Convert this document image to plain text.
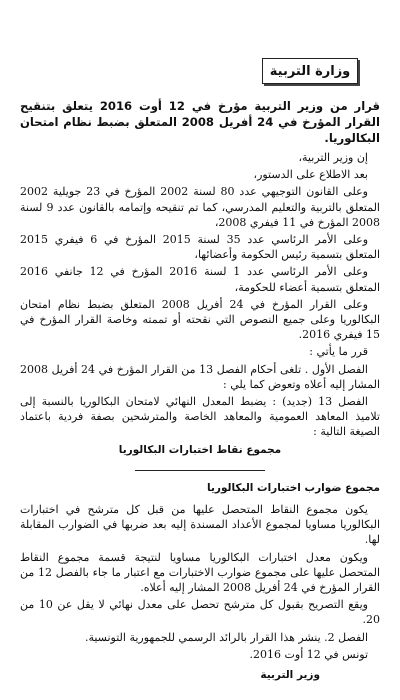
وزارة التربية
قرار من وزير التربية مؤرخ في 12 أوت 2016 يتعلق بتنقيح القرار المؤرخ في 24 أفريل 2008 المتعلق بضبط نظام امتحان البكالوريا.

إن وزير التربية،

بعد الاطلاع على الدستور،

وعلى القانون التوجيهي عدد 80 لسنة 2002 المؤرخ في 23 جويلية 2002 المتعلق بالتربية والتعليم المدرسي، كما تم تنقيحه وإتمامه بالقانون عدد 9 لسنة 2008 المؤرخ في 11 فيفري 2008،

وعلى الأمر الرئاسي عدد 35 لسنة 2015 المؤرخ في 6 فيفري 2015 المتعلق بتسمية رئيس الحكومة وأعضائها،

وعلى الأمر الرئاسي عدد 1 لسنة 2016 المؤرخ في 12 جانفي 2016 المتعلق بتسمية أعضاء للحكومة،

وعلى القرار المؤرخ في 24 أفريل 2008 المتعلق بضبط نظام امتحان البكالوريا وعلى جميع النصوص التي نقحته أو تممته وخاصة القرار المؤرخ في 15 فيفري 2016.

قرر ما يأتي :

الفصل الأول . تلغى أحكام الفصل 13 من القرار المؤرخ في 24 أفريل 2008 المشار إليه أعلاه وتعوض كما يلي :

الفصل 13 (جديد) : يضبط المعدل النهائي لامتحان البكالوريا بالنسبة إلى تلاميذ المعاهد العمومية والمعاهد الخاصة والمترشحين بصفة فردية باعتماد الصيغة التالية :

مجموع نقاط اختبارات البكالوريا
مجموع ضوارب اختبارات البكالوريا

يكون مجموع النقاط المتحصل عليها من قبل كل مترشح في اختبارات البكالوريا مساويا لمجموع الأعداد المسندة إليه بعد ضربها في الضوارب المقابلة لها.

ويكون معدل اختبارات البكالوريا مساويا لنتيجة قسمة مجموع النقاط المتحصل عليها على مجموع ضوارب الاختبارات مع اعتبار ما جاء بالفصل 12 من القرار المؤرخ في 24 أفريل 2008 المشار إليه أعلاه.

ويقع التصريح بقبول كل مترشح تحصل على معدل نهائي لا يقل عن 10 من 20.

الفصل 2. ينشر هذا القرار بالرائد الرسمي للجمهورية التونسية.

تونس في 12 أوت 2016.

وزير التربية
